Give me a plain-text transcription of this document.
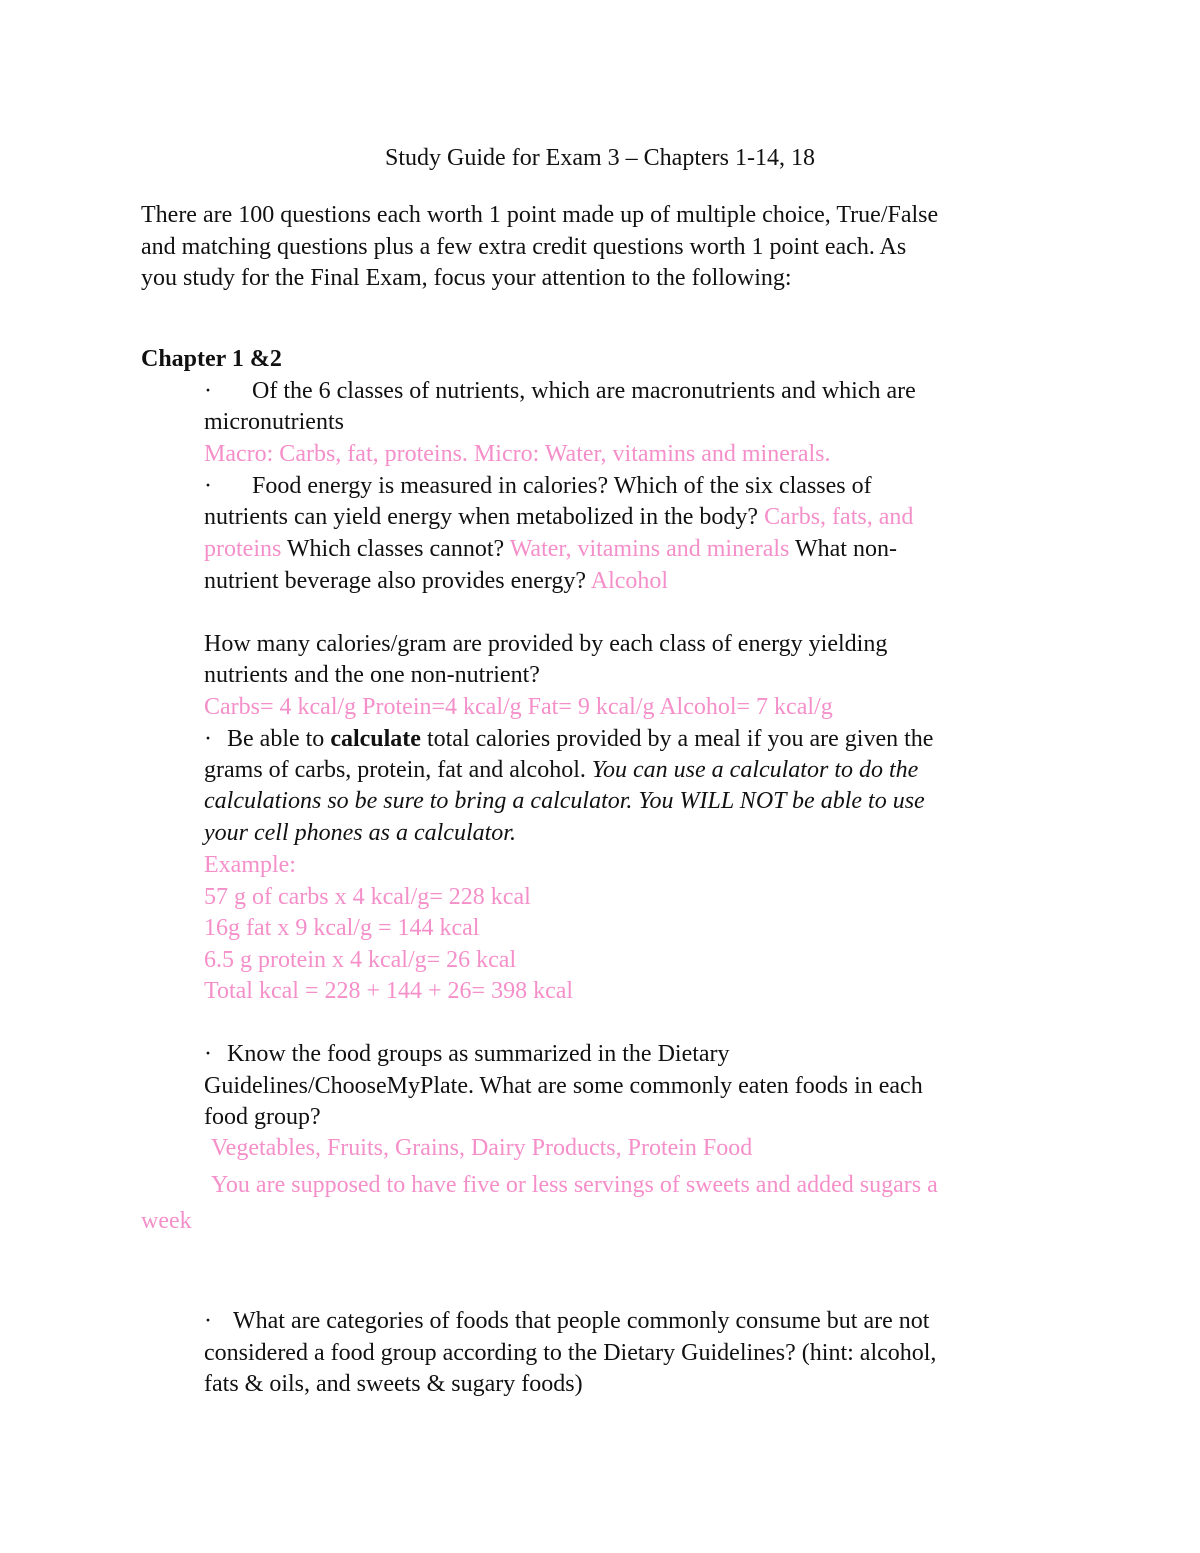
Study Guide for Exam 3 – Chapters 1-14, 18
There are 100 questions each worth 1 point made up of multiple choice, True/False
and matching questions plus a few extra credit questions worth 1 point each. As
you study for the Final Exam, focus your attention to the following:
Chapter 1 &2
· Of the 6 classes of nutrients, which are macronutrients and which are
micronutrients
Macro: Carbs, fat, proteins. Micro: Water, vitamins and minerals.
· Food energy is measured in calories? Which of the six classes of
nutrients can yield energy when metabolized in the body? Carbs, fats, and
proteins Which classes cannot? Water, vitamins and minerals What non-
nutrient beverage also provides energy? Alcohol
How many calories/gram are provided by each class of energy yielding
nutrients and the one non-nutrient?
Carbs= 4 kcal/g Protein=4 kcal/g Fat= 9 kcal/g Alcohol= 7 kcal/g
· Be able to calculate total calories provided by a meal if you are given the
grams of carbs, protein, fat and alcohol. You can use a calculator to do the
calculations so be sure to bring a calculator. You WILL NOT be able to use
your cell phones as a calculator.
Example:
57 g of carbs x 4 kcal/g= 228 kcal
16g fat x 9 kcal/g = 144 kcal
6.5 g protein x 4 kcal/g= 26 kcal
Total kcal = 228 + 144 + 26= 398 kcal
· Know the food groups as summarized in the Dietary
Guidelines/ChooseMyPlate. What are some commonly eaten foods in each
food group?
Vegetables, Fruits, Grains, Dairy Products, Protein Food
You are supposed to have five or less servings of sweets and added sugars a
week
· What are categories of foods that people commonly consume but are not
considered a food group according to the Dietary Guidelines? (hint: alcohol,
fats & oils, and sweets & sugary foods)
